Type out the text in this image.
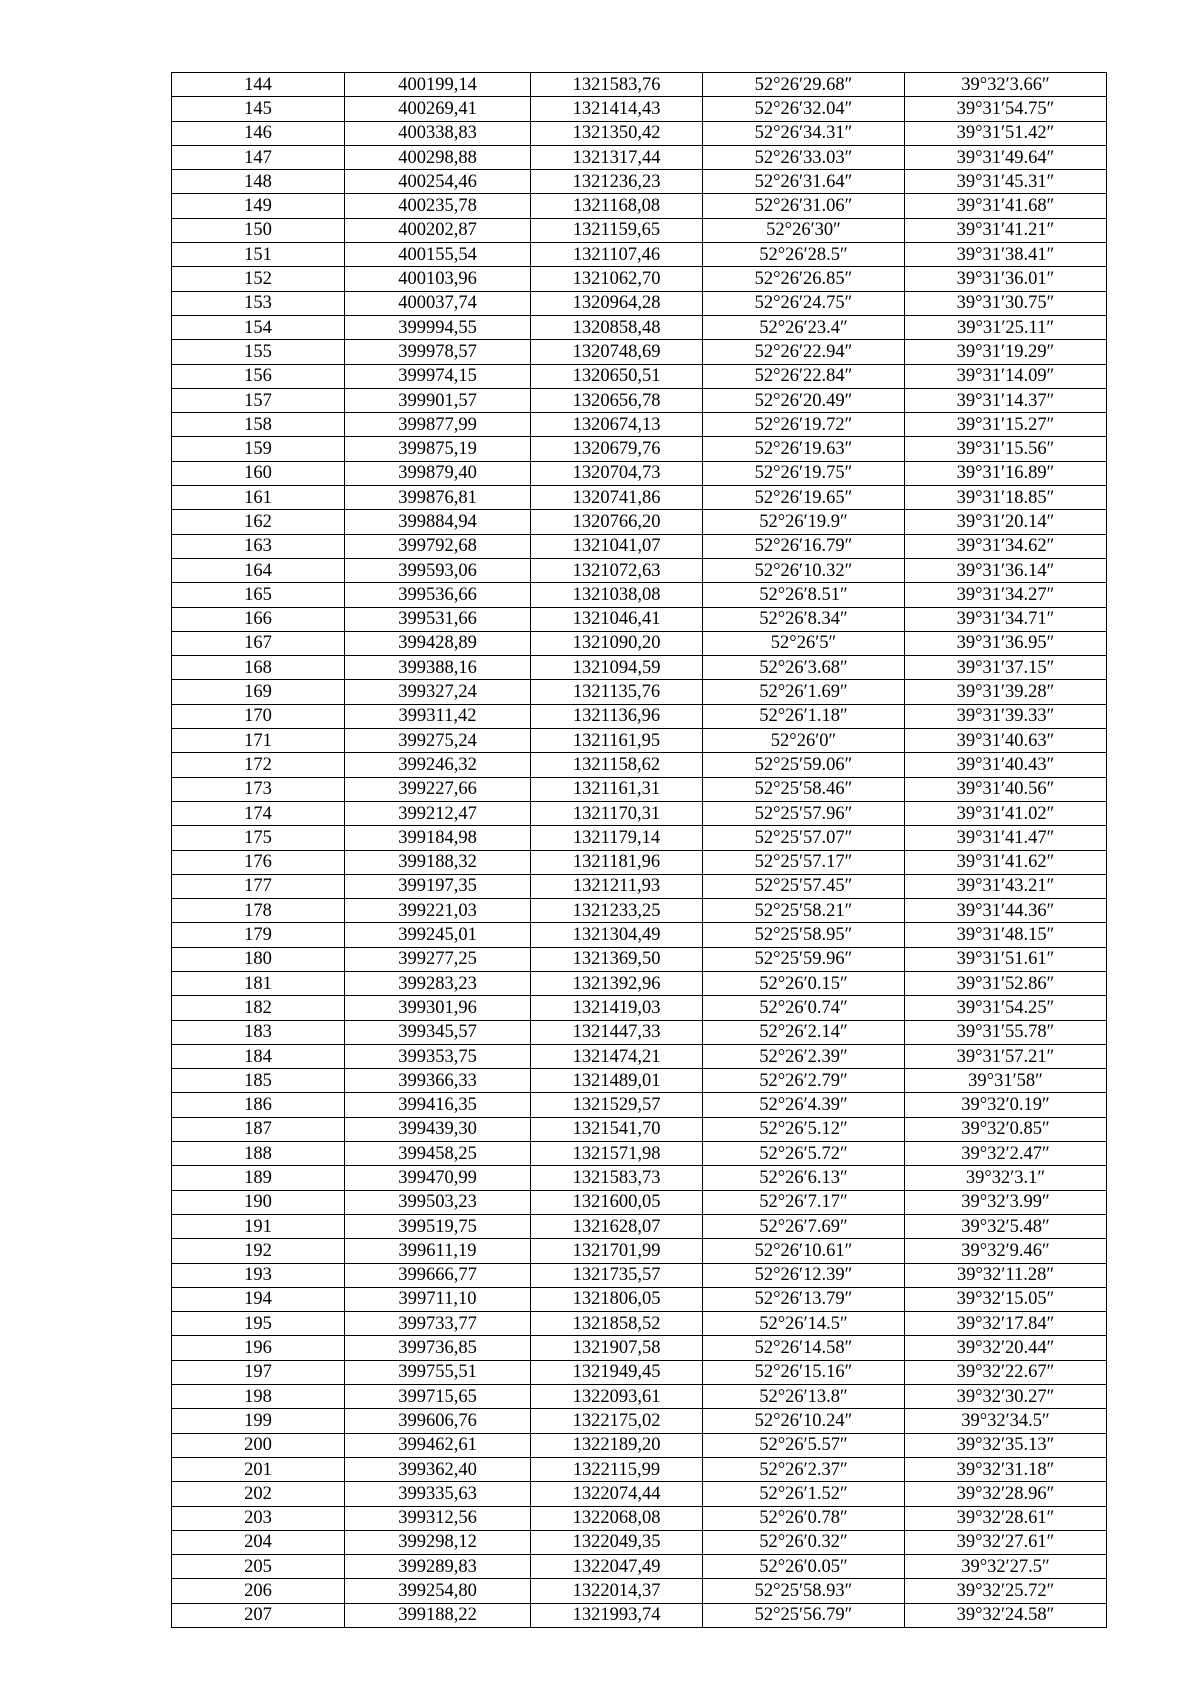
144	400199,14	1321583,76	52°26′29.68″	39°32′3.66″
145	400269,41	1321414,43	52°26′32.04″	39°31′54.75″
146	400338,83	1321350,42	52°26′34.31″	39°31′51.42″
147	400298,88	1321317,44	52°26′33.03″	39°31′49.64″
148	400254,46	1321236,23	52°26′31.64″	39°31′45.31″
149	400235,78	1321168,08	52°26′31.06″	39°31′41.68″
150	400202,87	1321159,65	52°26′30″	39°31′41.21″
151	400155,54	1321107,46	52°26′28.5″	39°31′38.41″
152	400103,96	1321062,70	52°26′26.85″	39°31′36.01″
153	400037,74	1320964,28	52°26′24.75″	39°31′30.75″
154	399994,55	1320858,48	52°26′23.4″	39°31′25.11″
155	399978,57	1320748,69	52°26′22.94″	39°31′19.29″
156	399974,15	1320650,51	52°26′22.84″	39°31′14.09″
157	399901,57	1320656,78	52°26′20.49″	39°31′14.37″
158	399877,99	1320674,13	52°26′19.72″	39°31′15.27″
159	399875,19	1320679,76	52°26′19.63″	39°31′15.56″
160	399879,40	1320704,73	52°26′19.75″	39°31′16.89″
161	399876,81	1320741,86	52°26′19.65″	39°31′18.85″
162	399884,94	1320766,20	52°26′19.9″	39°31′20.14″
163	399792,68	1321041,07	52°26′16.79″	39°31′34.62″
164	399593,06	1321072,63	52°26′10.32″	39°31′36.14″
165	399536,66	1321038,08	52°26′8.51″	39°31′34.27″
166	399531,66	1321046,41	52°26′8.34″	39°31′34.71″
167	399428,89	1321090,20	52°26′5″	39°31′36.95″
168	399388,16	1321094,59	52°26′3.68″	39°31′37.15″
169	399327,24	1321135,76	52°26′1.69″	39°31′39.28″
170	399311,42	1321136,96	52°26′1.18″	39°31′39.33″
171	399275,24	1321161,95	52°26′0″	39°31′40.63″
172	399246,32	1321158,62	52°25′59.06″	39°31′40.43″
173	399227,66	1321161,31	52°25′58.46″	39°31′40.56″
174	399212,47	1321170,31	52°25′57.96″	39°31′41.02″
175	399184,98	1321179,14	52°25′57.07″	39°31′41.47″
176	399188,32	1321181,96	52°25′57.17″	39°31′41.62″
177	399197,35	1321211,93	52°25′57.45″	39°31′43.21″
178	399221,03	1321233,25	52°25′58.21″	39°31′44.36″
179	399245,01	1321304,49	52°25′58.95″	39°31′48.15″
180	399277,25	1321369,50	52°25′59.96″	39°31′51.61″
181	399283,23	1321392,96	52°26′0.15″	39°31′52.86″
182	399301,96	1321419,03	52°26′0.74″	39°31′54.25″
183	399345,57	1321447,33	52°26′2.14″	39°31′55.78″
184	399353,75	1321474,21	52°26′2.39″	39°31′57.21″
185	399366,33	1321489,01	52°26′2.79″	39°31′58″
186	399416,35	1321529,57	52°26′4.39″	39°32′0.19″
187	399439,30	1321541,70	52°26′5.12″	39°32′0.85″
188	399458,25	1321571,98	52°26′5.72″	39°32′2.47″
189	399470,99	1321583,73	52°26′6.13″	39°32′3.1″
190	399503,23	1321600,05	52°26′7.17″	39°32′3.99″
191	399519,75	1321628,07	52°26′7.69″	39°32′5.48″
192	399611,19	1321701,99	52°26′10.61″	39°32′9.46″
193	399666,77	1321735,57	52°26′12.39″	39°32′11.28″
194	399711,10	1321806,05	52°26′13.79″	39°32′15.05″
195	399733,77	1321858,52	52°26′14.5″	39°32′17.84″
196	399736,85	1321907,58	52°26′14.58″	39°32′20.44″
197	399755,51	1321949,45	52°26′15.16″	39°32′22.67″
198	399715,65	1322093,61	52°26′13.8″	39°32′30.27″
199	399606,76	1322175,02	52°26′10.24″	39°32′34.5″
200	399462,61	1322189,20	52°26′5.57″	39°32′35.13″
201	399362,40	1322115,99	52°26′2.37″	39°32′31.18″
202	399335,63	1322074,44	52°26′1.52″	39°32′28.96″
203	399312,56	1322068,08	52°26′0.78″	39°32′28.61″
204	399298,12	1322049,35	52°26′0.32″	39°32′27.61″
205	399289,83	1322047,49	52°26′0.05″	39°32′27.5″
206	399254,80	1322014,37	52°25′58.93″	39°32′25.72″
207	399188,22	1321993,74	52°25′56.79″	39°32′24.58″
